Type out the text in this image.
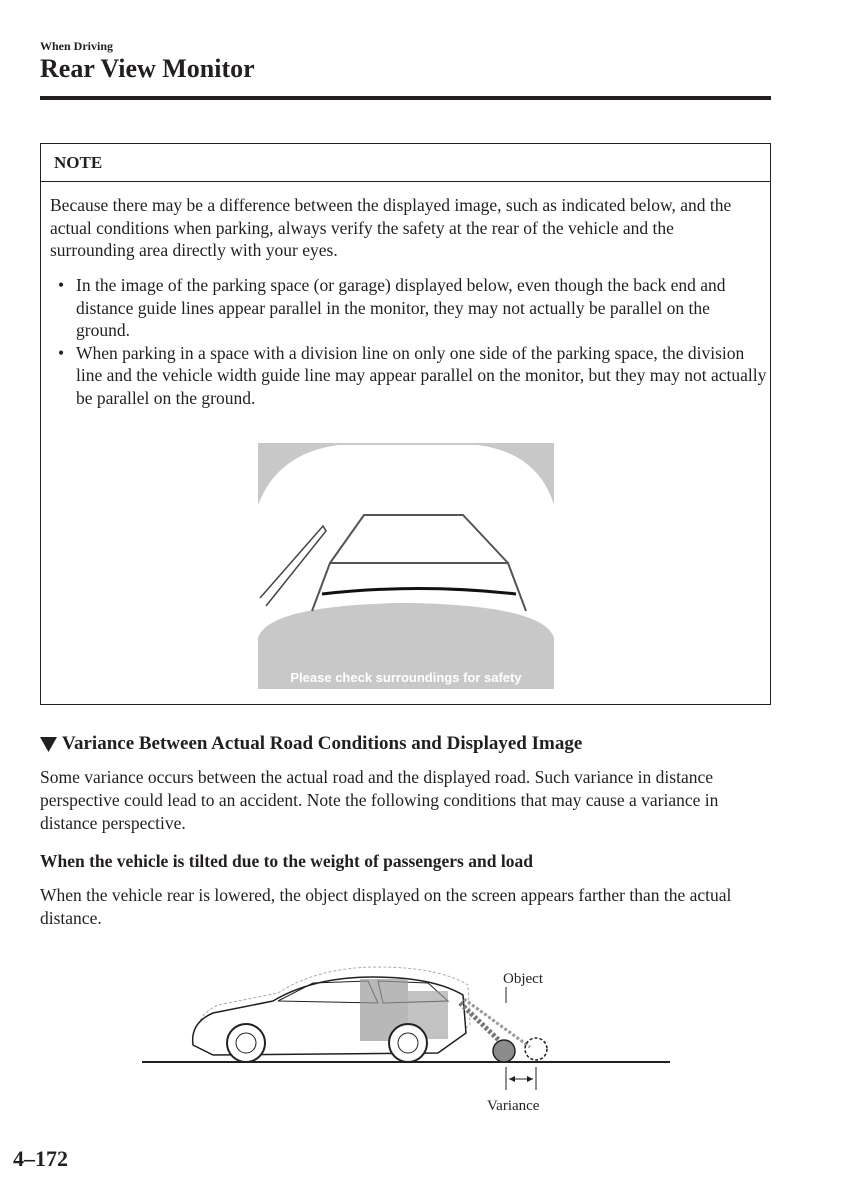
When Driving
Rear View Monitor
NOTE

Because there may be a difference between the displayed image, such as indicated below, and the actual conditions when parking, always verify the safety at the rear of the vehicle and the surrounding area directly with your eyes.

• In the image of the parking space (or garage) displayed below, even though the back end and distance guide lines appear parallel in the monitor, they may not actually be parallel on the ground.
• When parking in a space with a division line on only one side of the parking space, the division line and the vehicle width guide line may appear parallel on the monitor, but they may not actually be parallel on the ground.
Please check surroundings for safety
Variance Between Actual Road Conditions and Displayed Image

Some variance occurs between the actual road and the displayed road. Such variance in distance perspective could lead to an accident. Note the following conditions that may cause a variance in distance perspective.

When the vehicle is tilted due to the weight of passengers and load

When the vehicle rear is lowered, the object displayed on the screen appears farther than the actual distance.

Object
Variance
4–172
